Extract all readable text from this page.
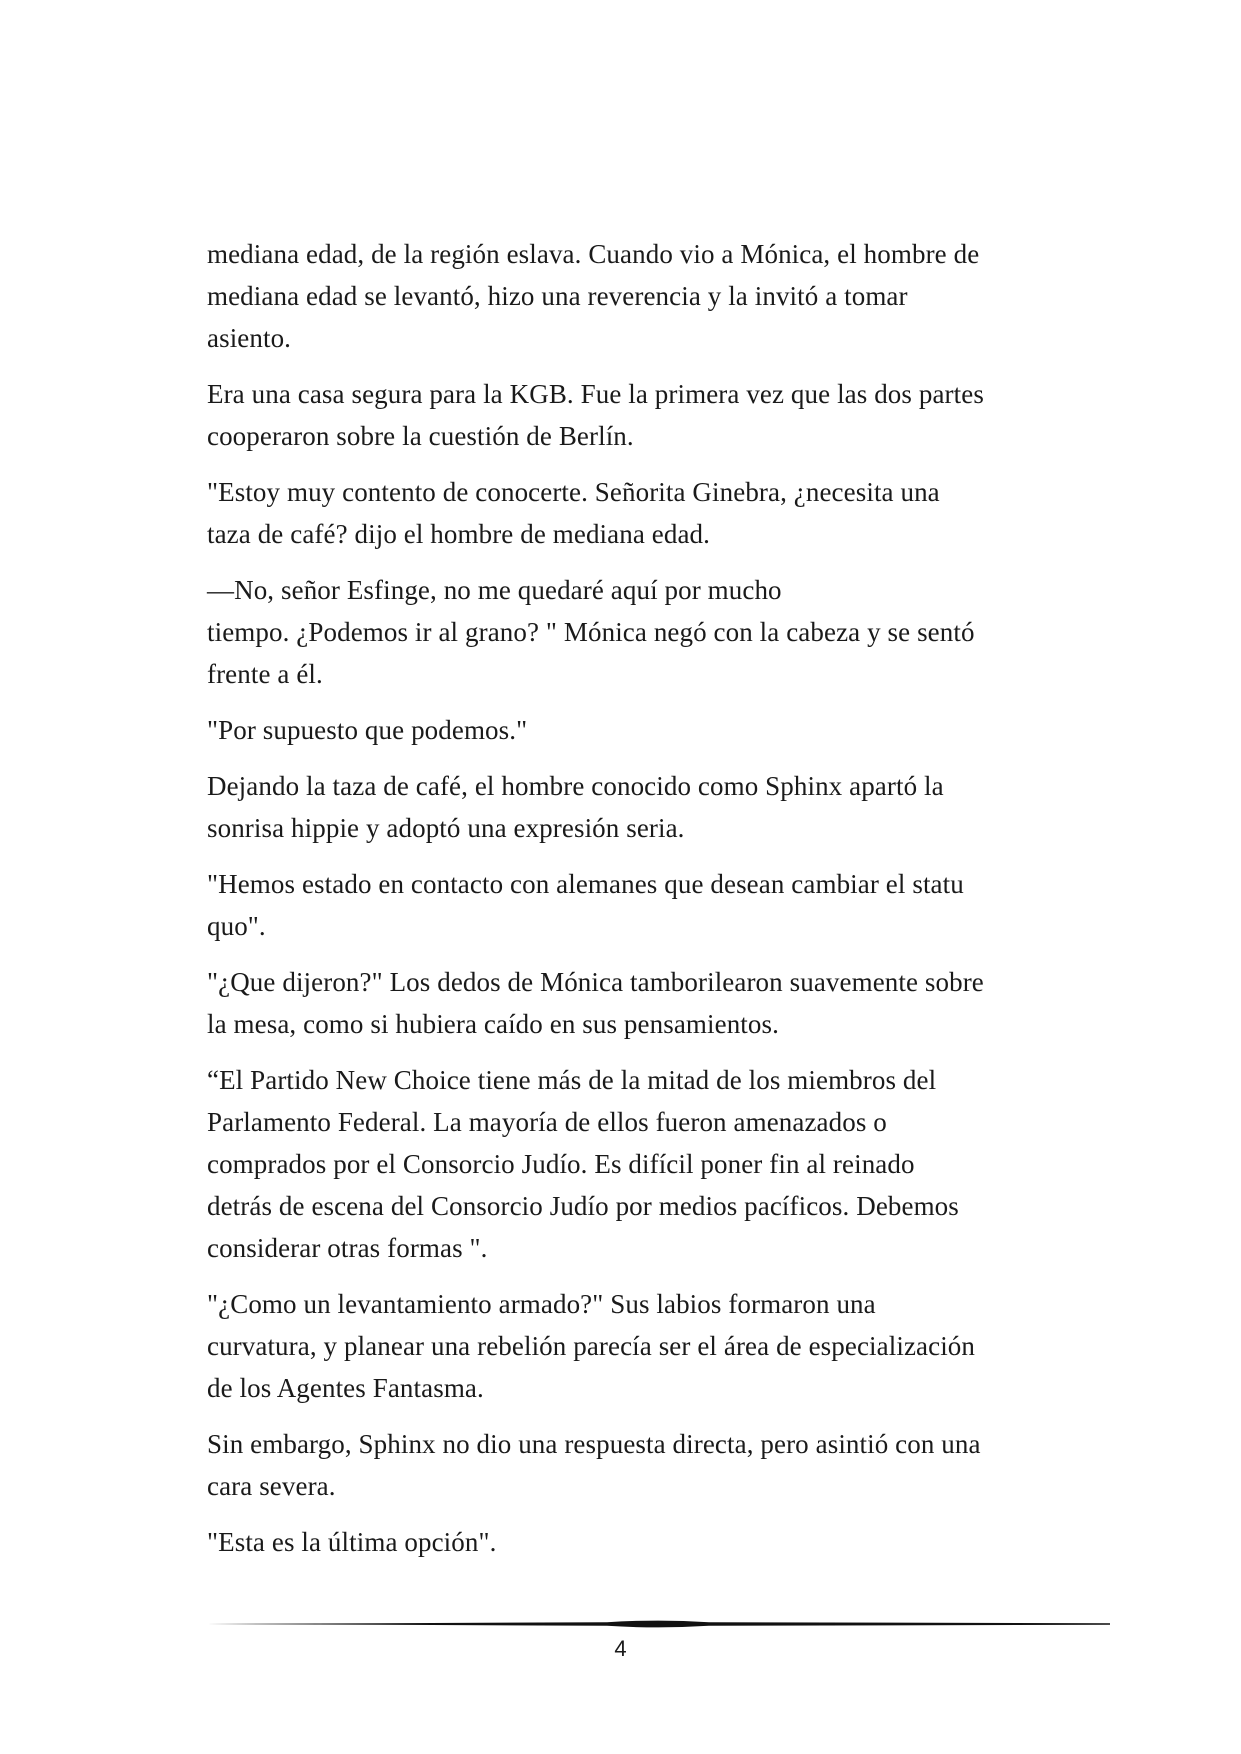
mediana edad, de la región eslava. Cuando vio a Mónica, el hombre de
mediana edad se levantó, hizo una reverencia y la invitó a tomar
asiento.

Era una casa segura para la KGB. Fue la primera vez que las dos partes
cooperaron sobre la cuestión de Berlín.

"Estoy muy contento de conocerte. Señorita Ginebra, ¿necesita una
taza de café? dijo el hombre de mediana edad.

—No, señor Esfinge, no me quedaré aquí por mucho
tiempo. ¿Podemos ir al grano? " Mónica negó con la cabeza y se sentó
frente a él.

"Por supuesto que podemos."

Dejando la taza de café, el hombre conocido como Sphinx apartó la
sonrisa hippie y adoptó una expresión seria.

"Hemos estado en contacto con alemanes que desean cambiar el statu
quo".

"¿Que dijeron?" Los dedos de Mónica tamborilearon suavemente sobre
la mesa, como si hubiera caído en sus pensamientos.

“El Partido New Choice tiene más de la mitad de los miembros del
Parlamento Federal. La mayoría de ellos fueron amenazados o
comprados por el Consorcio Judío. Es difícil poner fin al reinado
detrás de escena del Consorcio Judío por medios pacíficos. Debemos
considerar otras formas ".

"¿Como un levantamiento armado?" Sus labios formaron una
curvatura, y planear una rebelión parecía ser el área de especialización
de los Agentes Fantasma.

Sin embargo, Sphinx no dio una respuesta directa, pero asintió con una
cara severa.

"Esta es la última opción".

4
